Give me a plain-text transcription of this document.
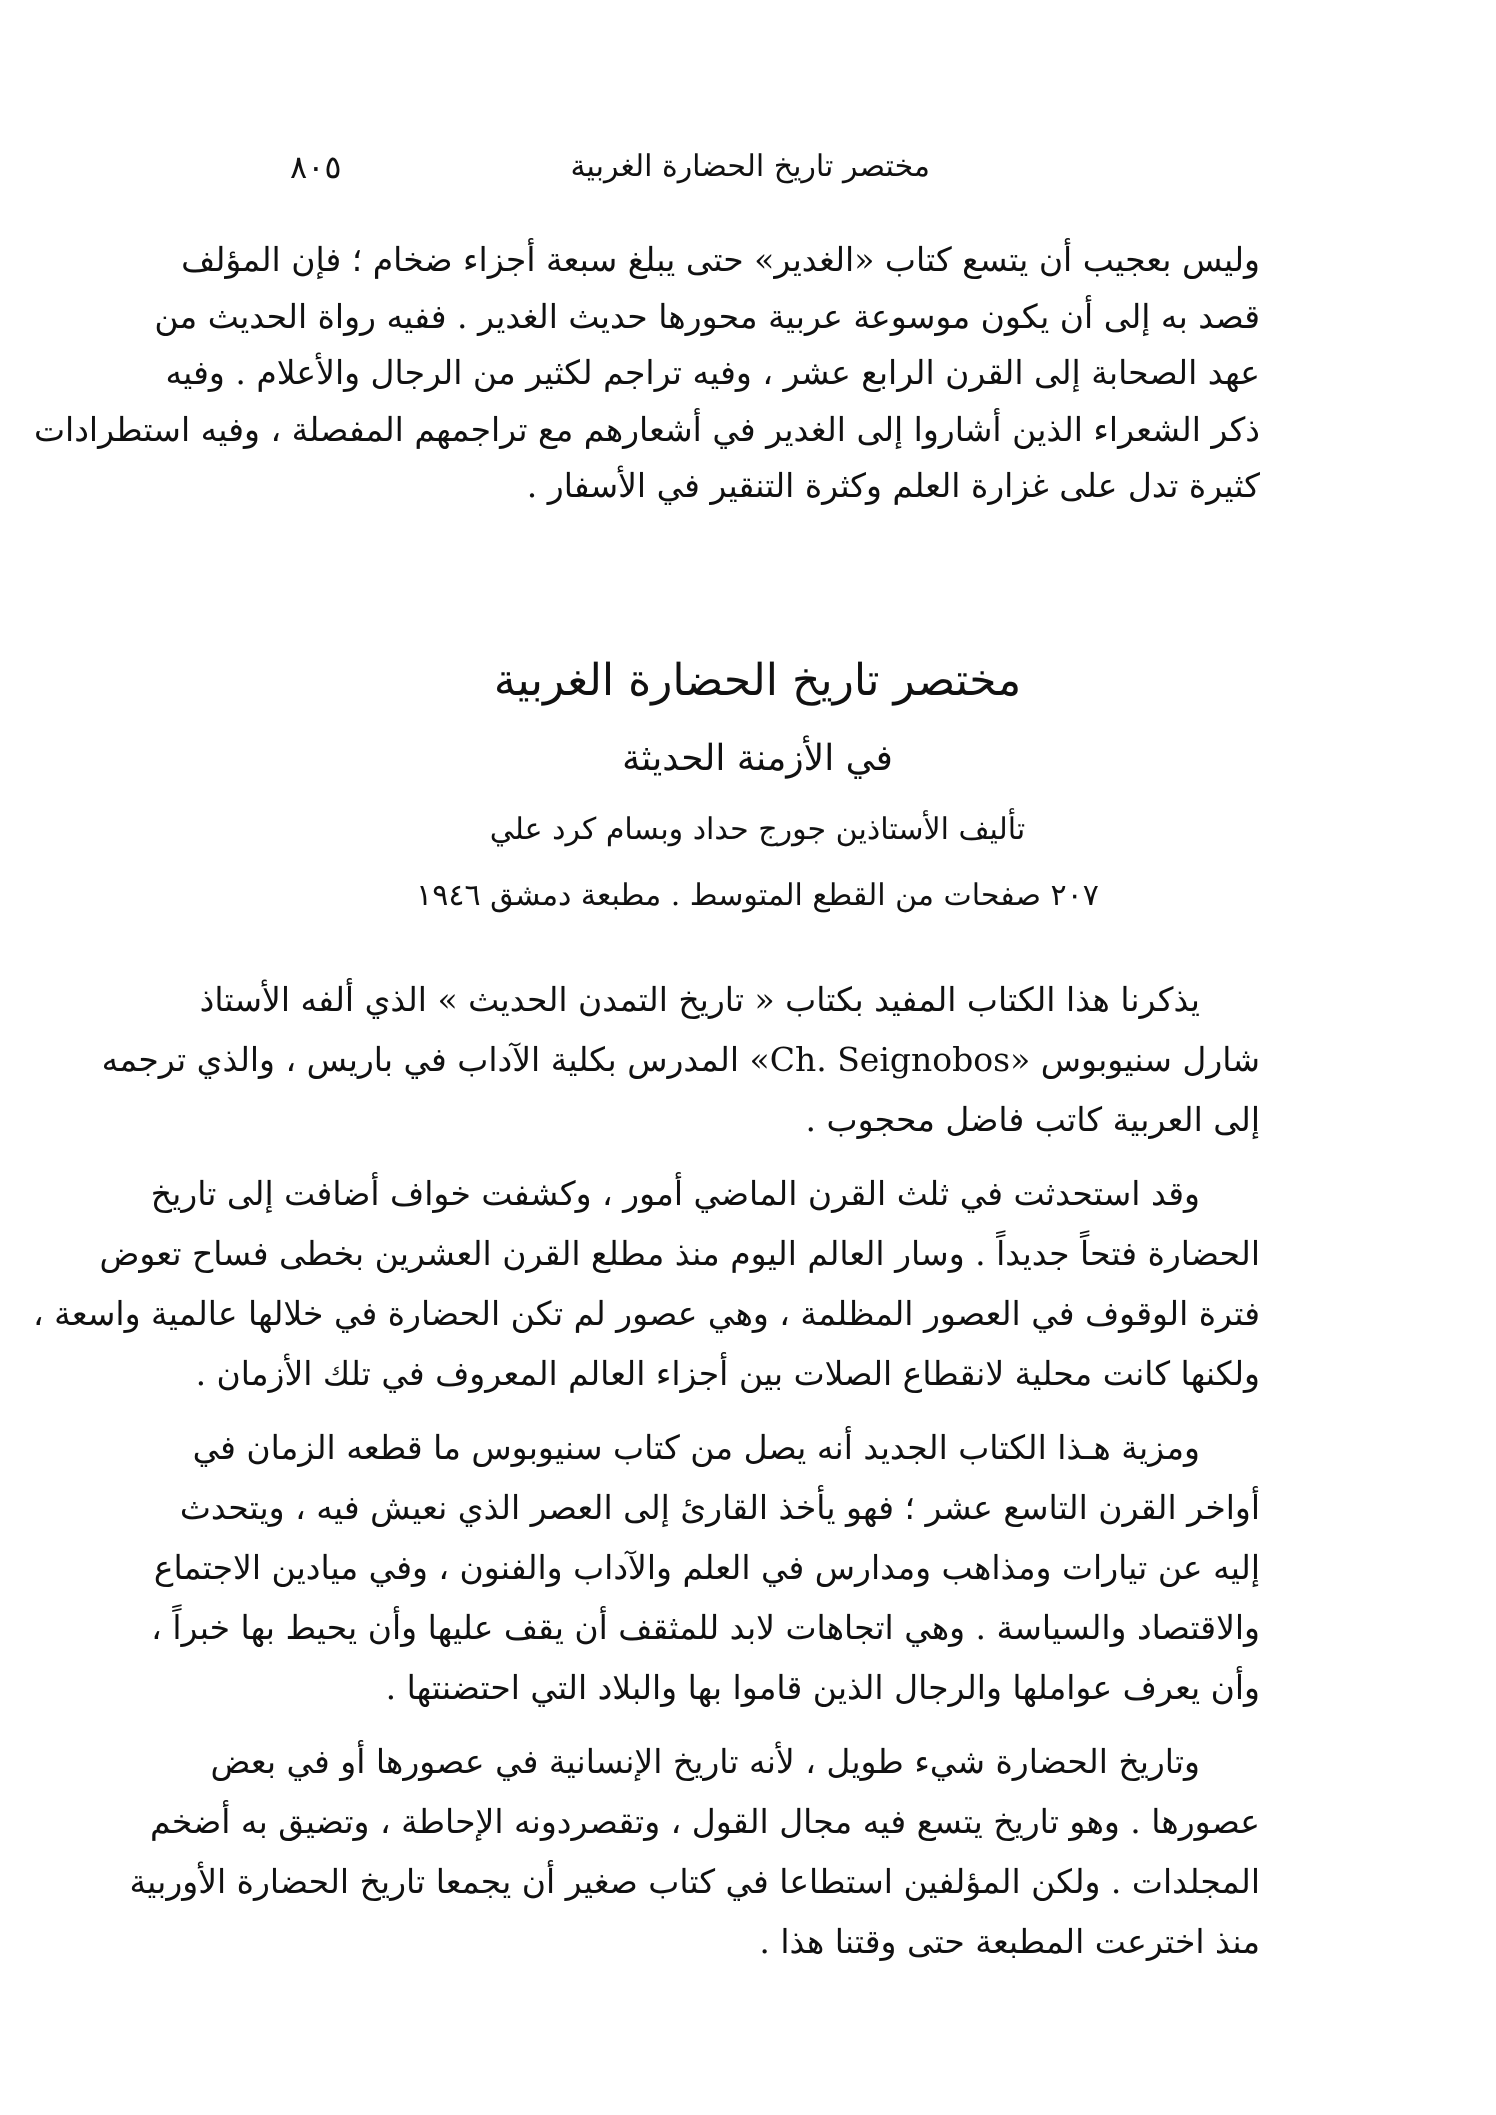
مختصر تاريخ الحضارة الغربية
٨٠٥
وليس بعجيب أن يتسع كتاب «الغدير» حتى يبلغ سبعة أجزاء ضخام ؛ فإن المؤلف
قصد به إلى أن يكون موسوعة عربية محورها حديث الغدير . ففيه رواة الحديث من
عهد الصحابة إلى القرن الرابع عشر ، وفيه تراجم لكثير من الرجال والأعلام . وفيه
ذكر الشعراء الذين أشاروا إلى الغدير في أشعارهم مع تراجمهم المفصلة ، وفيه استطرادات
كثيرة تدل على غزارة العلم وكثرة التنقير في الأسفار .
مختصر تاريخ الحضارة الغربية
في الأزمنة الحديثة
تأليف الأستاذين جورج حداد وبسام كرد علي
٢٠٧ صفحات من القطع المتوسط . مطبعة دمشق ١٩٤٦
يذكرنا هذا الكتاب المفيد بكتاب « تاريخ التمدن الحديث » الذي ألفه الأستاذ
شارل سنيوبوس «Ch. Seignobos» المدرس بكلية الآداب في باريس ، والذي ترجمه
إلى العربية كاتب فاضل محجوب .
وقد استحدثت في ثلث القرن الماضي أمور ، وكشفت خواف أضافت إلى تاريخ
الحضارة فتحاً جديداً . وسار العالم اليوم منذ مطلع القرن العشرين بخطى فساح تعوض
فترة الوقوف في العصور المظلمة ، وهي عصور لم تكن الحضارة في خلالها عالمية واسعة ،
ولكنها كانت محلية لانقطاع الصلات بين أجزاء العالم المعروف في تلك الأزمان .
ومزية هـذا الكتاب الجديد أنه يصل من كتاب سنيوبوس ما قطعه الزمان في
أواخر القرن التاسع عشر ؛ فهو يأخذ القارئ إلى العصر الذي نعيش فيه ، ويتحدث
إليه عن تيارات ومذاهب ومدارس في العلم والآداب والفنون ، وفي ميادين الاجتماع
والاقتصاد والسياسة . وهي اتجاهات لابد للمثقف أن يقف عليها وأن يحيط بها خبراً ،
وأن يعرف عواملها والرجال الذين قاموا بها والبلاد التي احتضنتها .
وتاريخ الحضارة شيء طويل ، لأنه تاريخ الإنسانية في عصورها أو في بعض
عصورها . وهو تاريخ يتسع فيه مجال القول ، وتقصردونه الإحاطة ، وتضيق به أضخم
المجلدات . ولكن المؤلفين استطاعا في كتاب صغير أن يجمعا تاريخ الحضارة الأوربية
منذ اخترعت المطبعة حتى وقتنا هذا .
